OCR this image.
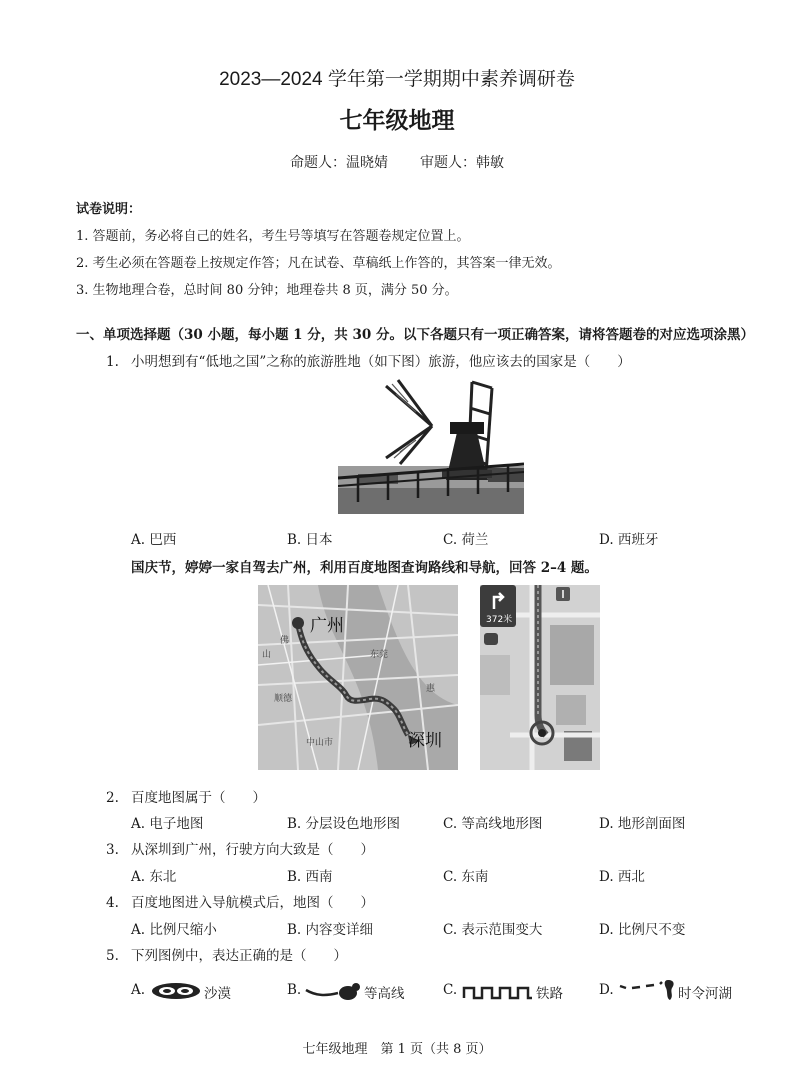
2023—2024 学年第一学期期中素养调研卷
七年级地理
命题人：温晓婧 审题人：韩敏
试卷说明：
1. 答题前，务必将自己的姓名，考生号等填写在答题卷规定位置上。
2. 考生必须在答题卷上按规定作答；凡在试卷、草稿纸上作答的，其答案一律无效。
3. 生物地理合卷，总时间 80 分钟；地理卷共 8 页，满分 50 分。
一、单项选择题（30 小题，每小题 1 分，共 30 分。以下各题只有一项正确答案，请将答题卷的对应选项涂黑）
1. 小明想到有“低地之国”之称的旅游胜地（如下图）旅游，他应该去的国家是（　　）
A. 巴西	B. 日本	C. 荷兰	D. 西班牙
国庆节，婷婷一家自驾去广州，利用百度地图查询路线和导航，回答 2–4 题。
广州
深圳
山
佛
东莞
顺德
中山市
惠
372米
2. 百度地图属于（　　）
A. 电子地图	B. 分层设色地形图	C. 等高线地形图	D. 地形剖面图
3. 从深圳到广州，行驶方向大致是（　　）
A. 东北	B. 西南	C. 东南	D. 西北
4. 百度地图进入导航模式后，地图（　　）
A. 比例尺缩小	B. 内容变详细	C. 表示范围变大	D. 比例尺不变
5. 下列图例中，表达正确的是（　　）
A.	沙漠	B.	等高线	C.	铁路	D.	时令河湖
七年级地理　第 1 页（共 8 页）
